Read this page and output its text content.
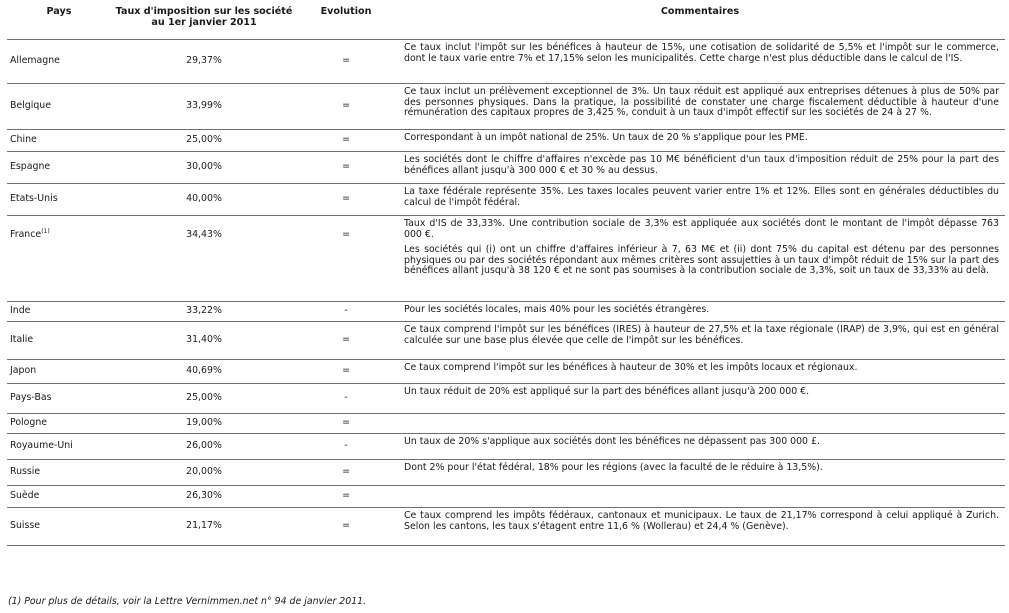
Pays	Taux d'imposition sur les société au 1er janvier 2011	Evolution	Commentaires
Allemagne	29,37%	=	Ce taux inclut l'impôt sur les bénéfices à hauteur de 15%, une cotisation de solidarité de 5,5% et l'impôt sur le commerce, dont le taux varie entre 7% et 17,15% selon les municipalités. Cette charge n'est plus déductible dans le calcul de l'IS.

Belgique	33,99%	=	Ce taux inclut un prélèvement exceptionnel de 3%. Un taux réduit est appliqué aux entreprises détenues à plus de 50% par des personnes physiques. Dans la pratique, la possibilité de constater une charge fiscalement déductible à hauteur d'une rémunération des capitaux propres de 3,425 %, conduit à un taux d'impôt effectif sur les sociétés de 24 à 27 %.

Chine	25,00%	=	Correspondant à un impôt national de 25%. Un taux de 20 % s'applique pour les PME.

Espagne	30,00%	=	Les sociétés dont le chiffre d'affaires n'excède pas 10 M€ bénéficient d'un taux d'imposition réduit de 25% pour la part des bénéfices allant jusqu'à 300 000 € et 30 % au dessus.

Etats-Unis	40,00%	=	La taxe fédérale représente 35%. Les taxes locales peuvent varier entre 1% et 12%. Elles sont en générales déductibles du calcul de l'impôt fédéral.

France$^{(1)}$	34,43%	=	Taux d'IS de 33,33%. Une contribution sociale de 3,3% est appliquée aux sociétés dont le montant de l'impôt dépasse 763 000 €.

Les sociétés qui (i) ont un chiffre d'affaires inférieur à 7, 63 M€ et (ii) dont 75% du capital est détenu par des personnes physiques ou par des sociétés répondant aux mêmes critères sont assujetties à un taux d'impôt réduit de 15% sur la part des bénéfices allant jusqu'à 38 120 € et ne sont pas soumises à la contribution sociale de 3,3%, soit un taux de 33,33% au delà.

Inde	33,22%	-	Pour les sociétés locales, mais 40% pour les sociétés étrangères.

Italie	31,40%	=	Ce taux comprend l'impôt sur les bénéfices (IRES) à hauteur de 27,5% et la taxe régionale (IRAP) de 3,9%, qui est en général calculée sur une base plus élevée que celle de l'impôt sur les bénéfices.

Japon	40,69%	=	Ce taux comprend l'impôt sur les bénéfices à hauteur de 30% et les impôts locaux et régionaux.

Pays-Bas	25,00%	-	Un taux réduit de 20% est appliqué sur la part des bénéfices allant jusqu'à 200 000 €.

Pologne	19,00%	=	

Royaume-Uni	26,00%	-	Un taux de 20% s'applique aux sociétés dont les bénéfices ne dépassent pas 300 000 £.

Russie	20,00%	=	Dont 2% pour l'état fédéral, 18% pour les régions (avec la faculté de le réduire à 13,5%).

Suède	26,30%	=	

Suisse	21,17%	=	Ce taux comprend les impôts fédéraux, cantonaux et municipaux. Le taux de 21,17% correspond à celui appliqué à Zurich. Selon les cantons, les taux s'étagent entre 11,6 % (Wollerau) et 24,4 % (Genève).

(1) Pour plus de détails, voir la Lettre Vernimmen.net n° 94 de janvier 2011.
